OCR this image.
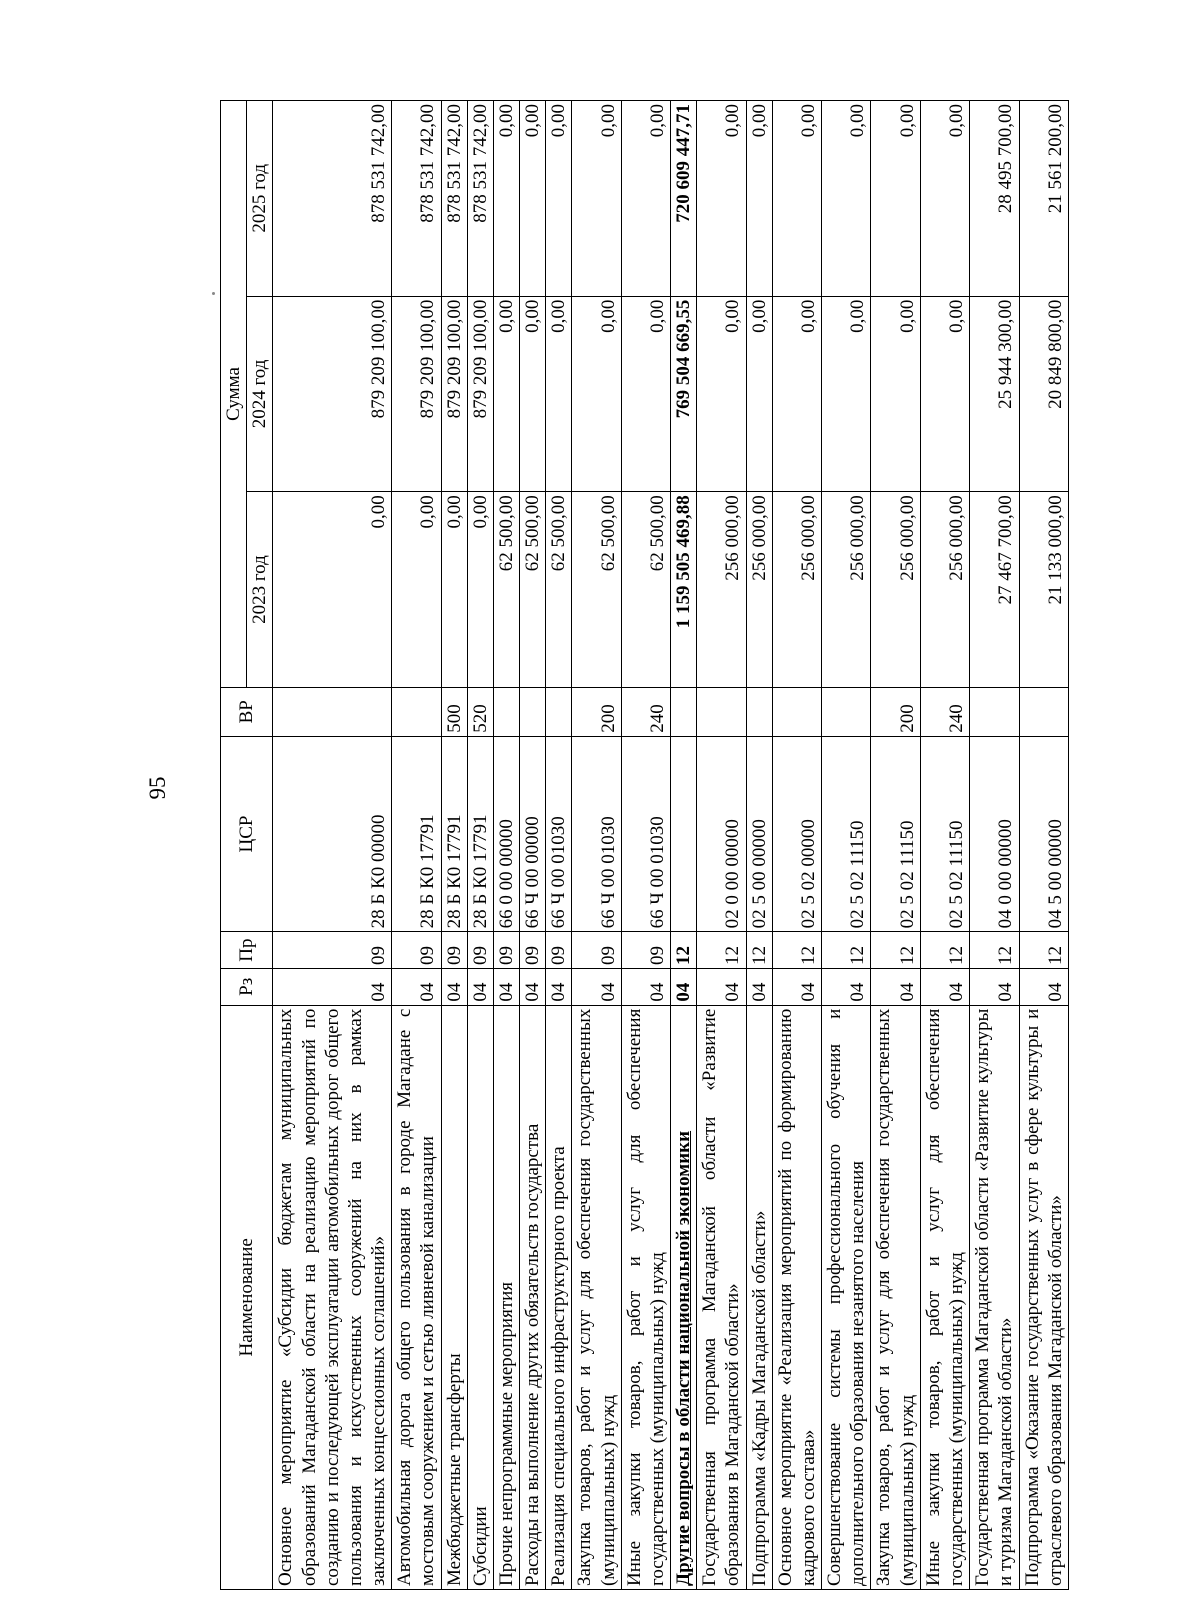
95
Наименование	Рз	Пр	ЦСР	ВР	Сумма		
					2023 год	2024 год	2025 год
Основное мероприятие «Субсидии бюджетам муниципальных образований Магаданской области на реализацию мероприятий по созданию и последующей эксплуатации автомобильных дорог общего пользования и искусственных сооружений на них в рамках заключенных концессионных соглашений»	04	09	28 Б К0 00000		0,00	879 209 100,00	878 531 742,00
Автомобильная дорога общего пользования в городе Магадане с мостовым сооружением и сетью ливневой канализации	04	09	28 Б К0 17791		0,00	879 209 100,00	878 531 742,00
Межбюджетные трансферты	04	09	28 Б К0 17791	500	0,00	879 209 100,00	878 531 742,00
Субсидии	04	09	28 Б К0 17791	520	0,00	879 209 100,00	878 531 742,00
Прочие непрограммные мероприятия	04	09	66 0 00 00000		62 500,00	0,00	0,00
Расходы на выполнение других обязательств государства	04	09	66 Ч 00 00000		62 500,00	0,00	0,00
Реализация специального инфраструктурного проекта	04	09	66 Ч 00 01030		62 500,00	0,00	0,00
Закупка товаров, работ и услуг для обеспечения государственных (муниципальных) нужд	04	09	66 Ч 00 01030	200	62 500,00	0,00	0,00
Иные закупки товаров, работ и услуг для обеспечения государственных (муниципальных) нужд	04	09	66 Ч 00 01030	240	62 500,00	0,00	0,00
Другие вопросы в области национальной экономики	04	12			1 159 505 469,88	769 504 669,55	720 609 447,71
Государственная программа Магаданской области «Развитие образования в Магаданской области»	04	12	02 0 00 00000		256 000,00	0,00	0,00
Подпрограмма «Кадры Магаданской области»	04	12	02 5 00 00000		256 000,00	0,00	0,00
Основное мероприятие «Реализация мероприятий по формированию кадрового состава»	04	12	02 5 02 00000		256 000,00	0,00	0,00
Совершенствование системы профессионального обучения и дополнительного образования незанятого населения	04	12	02 5 02 11150		256 000,00	0,00	0,00
Закупка товаров, работ и услуг для обеспечения государственных (муниципальных) нужд	04	12	02 5 02 11150	200	256 000,00	0,00	0,00
Иные закупки товаров, работ и услуг для обеспечения государственных (муниципальных) нужд	04	12	02 5 02 11150	240	256 000,00	0,00	0,00
Государственная программа Магаданской области «Развитие культуры и туризма Магаданской области»	04	12	04 0 00 00000		27 467 700,00	25 944 300,00	28 495 700,00
Подпрограмма «Оказание государственных услуг в сфере культуры и отраслевого образования Магаданской области»	04	12	04 5 00 00000		21 133 000,00	20 849 800,00	21 561 200,00
